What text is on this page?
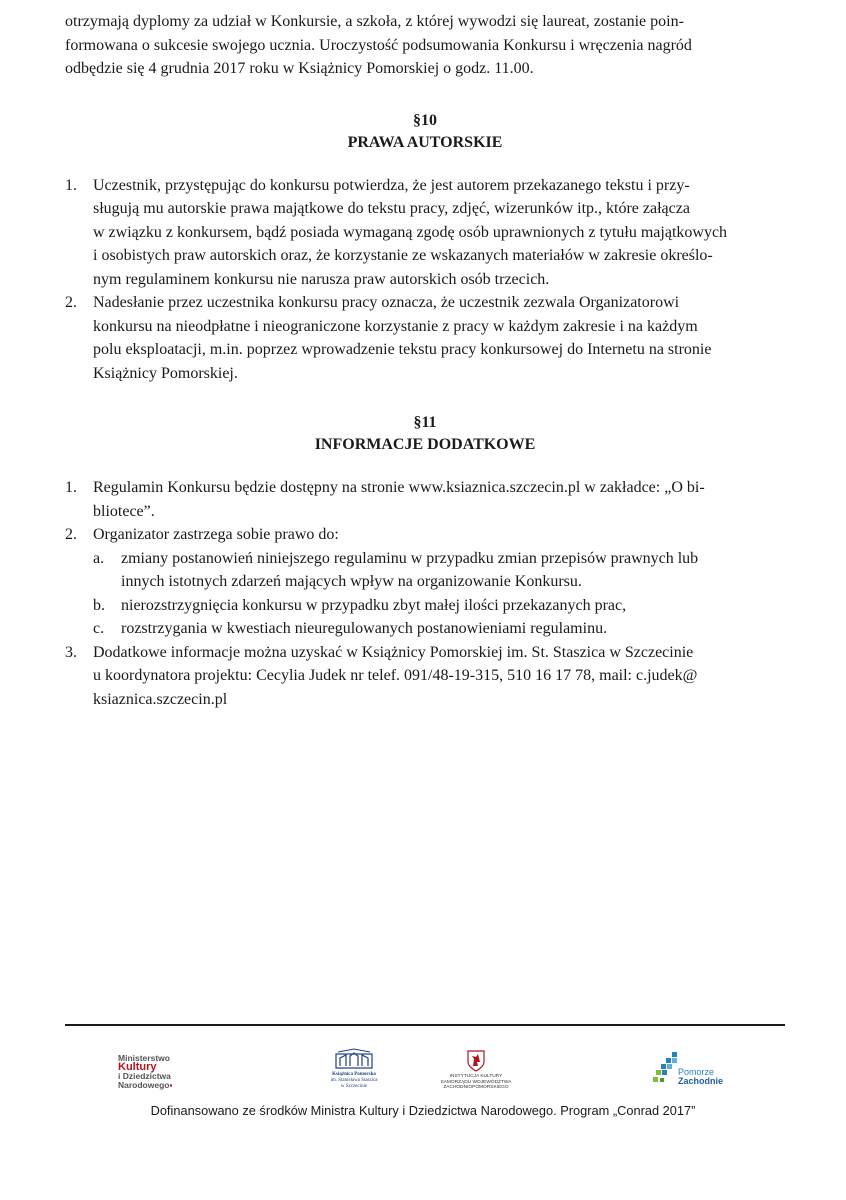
otrzymają dyplomy za udział w Konkursie, a szkoła, z której wywodzi się laureat, zostanie poin-
formowana o sukcesie swojego ucznia. Uroczystość podsumowania Konkursu i wręczenia nagród
odbędzie się 4 grudnia 2017 roku w Książnicy Pomorskiej o godz. 11.00.

§10
PRAWA AUTORSKIE
1. Uczestnik, przystępując do konkursu potwierdza, że jest autorem przekazanego tekstu i przy-
sługują mu autorskie prawa majątkowe do tekstu pracy, zdjęć, wizerunków itp., które załącza
w związku z konkursem, bądź posiada wymaganą zgodę osób uprawnionych z tytułu majątkowych
i osobistych praw autorskich oraz, że korzystanie ze wskazanych materiałów w zakresie określo-
nym regulaminem konkursu nie narusza praw autorskich osób trzecich.
2. Nadesłanie przez uczestnika konkursu pracy oznacza, że uczestnik zezwala Organizatorowi
konkursu na nieodpłatne i nieograniczone korzystanie z pracy w każdym zakresie i na każdym
polu eksploatacji, m.in. poprzez wprowadzenie tekstu pracy konkursowej do Internetu na stronie
Książnicy Pomorskiej.
§11
INFORMACJE DODATKOWE
1. Regulamin Konkursu będzie dostępny na stronie www.ksiaznica.szczecin.pl w zakładce: „O bi-
bliotece”.
2. Organizator zastrzega sobie prawo do:
a. zmiany postanowień niniejszego regulaminu w przypadku zmian przepisów prawnych lub
innych istotnych zdarzeń mających wpływ na organizowanie Konkursu.
b. nierozstrzygnięcia konkursu w przypadku zbyt małej ilości przekazanych prac,
c. rozstrzygania w kwestiach nieuregulowanych postanowieniami regulaminu.
3. Dodatkowe informacje można uzyskać w Książnicy Pomorskiej im. St. Staszica w Szczecinie
u koordynatora projektu: Cecylia Judek nr telef. 091/48-19-315, 510 16 17 78, mail: c.judek@
ksiaznica.szczecin.pl
Ministerstwo
Kultury
i Dziedzictwa
Narodowego▪
Książnica Pomorska
im. Stanisława Staszica
w Szczecinie
INSTYTUCJA KULTURY
SAMORZĄDU WOJEWÓDZTWA
ZACHODNIOPOMORSKIEGO
Pomorze
Zachodnie
Dofinansowano ze środków Ministra Kultury i Dziedzictwa Narodowego. Program „Conrad 2017”
